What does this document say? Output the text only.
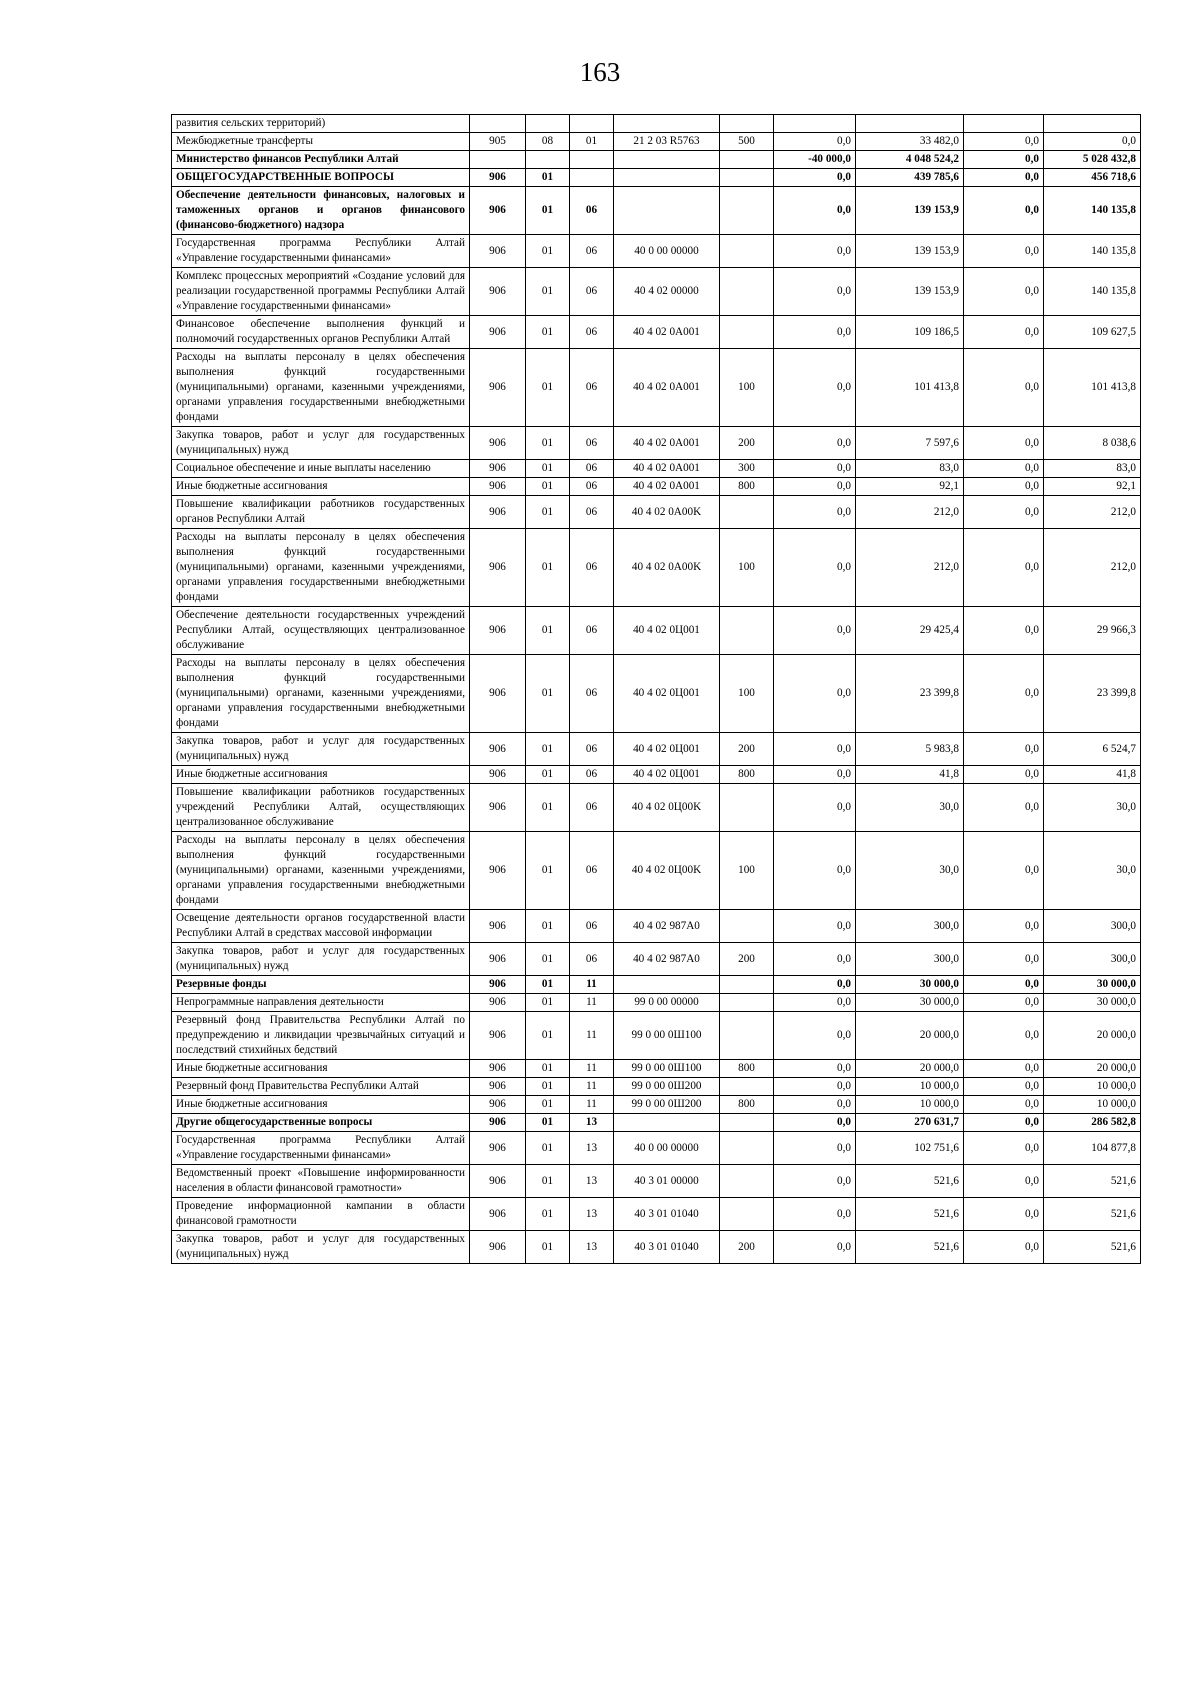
163
развития сельских территорий)									
Межбюджетные трансферты	905	08	01	21 2 03 R5763	500	0,0	33 482,0	0,0	0,0
Министерство финансов Республики Алтай						-40 000,0	4 048 524,2	0,0	5 028 432,8
ОБЩЕГОСУДАРСТВЕННЫЕ ВОПРОСЫ	906	01				0,0	439 785,6	0,0	456 718,6
Обеспечение деятельности финансовых, налоговых и таможенных органов и органов финансового (финансово-бюджетного) надзора	906	01	06			0,0	139 153,9	0,0	140 135,8
Государственная программа Республики Алтай «Управление государственными финансами»	906	01	06	40 0 00 00000		0,0	139 153,9	0,0	140 135,8
Комплекс процессных мероприятий «Создание условий для реализации государственной программы Республики Алтай «Управление государственными финансами»	906	01	06	40 4 02 00000		0,0	139 153,9	0,0	140 135,8
Финансовое обеспечение выполнения функций и полномочий государственных органов Республики Алтай	906	01	06	40 4 02 0A001		0,0	109 186,5	0,0	109 627,5
Расходы на выплаты персоналу в целях обеспечения выполнения функций государственными (муниципальными) органами, казенными учреждениями, органами управления государственными внебюджетными фондами	906	01	06	40 4 02 0A001	100	0,0	101 413,8	0,0	101 413,8
Закупка товаров, работ и услуг для государственных (муниципальных) нужд	906	01	06	40 4 02 0A001	200	0,0	7 597,6	0,0	8 038,6
Социальное обеспечение и иные выплаты населению	906	01	06	40 4 02 0A001	300	0,0	83,0	0,0	83,0
Иные бюджетные ассигнования	906	01	06	40 4 02 0A001	800	0,0	92,1	0,0	92,1
Повышение квалификации работников государственных органов Республики Алтай	906	01	06	40 4 02 0A00K		0,0	212,0	0,0	212,0
Расходы на выплаты персоналу в целях обеспечения выполнения функций государственными (муниципальными) органами, казенными учреждениями, органами управления государственными внебюджетными фондами	906	01	06	40 4 02 0A00K	100	0,0	212,0	0,0	212,0
Обеспечение деятельности государственных учреждений Республики Алтай, осуществляющих централизованное обслуживание	906	01	06	40 4 02 0Ц001		0,0	29 425,4	0,0	29 966,3
Расходы на выплаты персоналу в целях обеспечения выполнения функций государственными (муниципальными) органами, казенными учреждениями, органами управления государственными внебюджетными фондами	906	01	06	40 4 02 0Ц001	100	0,0	23 399,8	0,0	23 399,8
Закупка товаров, работ и услуг для государственных (муниципальных) нужд	906	01	06	40 4 02 0Ц001	200	0,0	5 983,8	0,0	6 524,7
Иные бюджетные ассигнования	906	01	06	40 4 02 0Ц001	800	0,0	41,8	0,0	41,8
Повышение квалификации работников государственных учреждений Республики Алтай, осуществляющих централизованное обслуживание	906	01	06	40 4 02 0Ц00K		0,0	30,0	0,0	30,0
Расходы на выплаты персоналу в целях обеспечения выполнения функций государственными (муниципальными) органами, казенными учреждениями, органами управления государственными внебюджетными фондами	906	01	06	40 4 02 0Ц00K	100	0,0	30,0	0,0	30,0
Освещение деятельности органов государственной власти Республики Алтай в средствах массовой информации	906	01	06	40 4 02 987A0		0,0	300,0	0,0	300,0
Закупка товаров, работ и услуг для государственных (муниципальных) нужд	906	01	06	40 4 02 987A0	200	0,0	300,0	0,0	300,0
Резервные фонды	906	01	11			0,0	30 000,0	0,0	30 000,0
Непрограммные направления деятельности	906	01	11	99 0 00 00000		0,0	30 000,0	0,0	30 000,0
Резервный фонд Правительства Республики Алтай по предупреждению и ликвидации чрезвычайных ситуаций и последствий стихийных бедствий	906	01	11	99 0 00 0Ш100		0,0	20 000,0	0,0	20 000,0
Иные бюджетные ассигнования	906	01	11	99 0 00 0Ш100	800	0,0	20 000,0	0,0	20 000,0
Резервный фонд Правительства Республики Алтай	906	01	11	99 0 00 0Ш200		0,0	10 000,0	0,0	10 000,0
Иные бюджетные ассигнования	906	01	11	99 0 00 0Ш200	800	0,0	10 000,0	0,0	10 000,0
Другие общегосударственные вопросы	906	01	13			0,0	270 631,7	0,0	286 582,8
Государственная программа Республики Алтай «Управление государственными финансами»	906	01	13	40 0 00 00000		0,0	102 751,6	0,0	104 877,8
Ведомственный проект «Повышение информированности населения в области финансовой грамотности»	906	01	13	40 3 01 00000		0,0	521,6	0,0	521,6
Проведение информационной кампании в области финансовой грамотности	906	01	13	40 3 01 01040		0,0	521,6	0,0	521,6
Закупка товаров, работ и услуг для государственных (муниципальных) нужд	906	01	13	40 3 01 01040	200	0,0	521,6	0,0	521,6
